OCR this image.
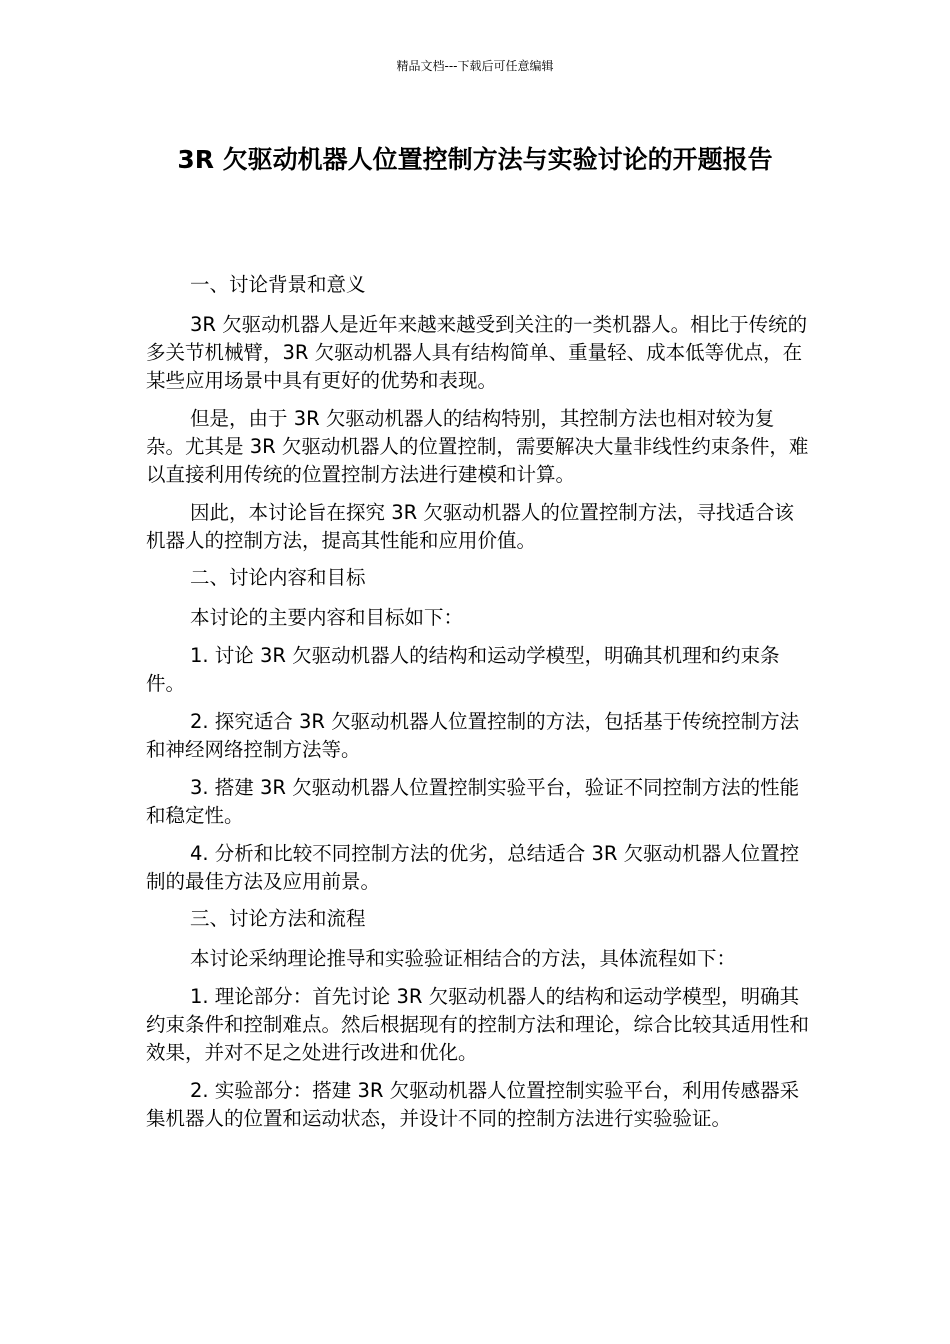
精品文档---下载后可任意编辑
3R 欠驱动机器人位置控制方法与实验讨论的开题报告
一、讨论背景和意义

3R 欠驱动机器人是近年来越来越受到关注的一类机器人。相比于传统的多关节机械臂，3R 欠驱动机器人具有结构简单、重量轻、成本低等优点，在某些应用场景中具有更好的优势和表现。

但是，由于 3R 欠驱动机器人的结构特别，其控制方法也相对较为复杂。尤其是 3R 欠驱动机器人的位置控制，需要解决大量非线性约束条件，难以直接利用传统的位置控制方法进行建模和计算。

因此，本讨论旨在探究 3R 欠驱动机器人的位置控制方法，寻找适合该机器人的控制方法，提高其性能和应用价值。

二、讨论内容和目标

本讨论的主要内容和目标如下：

1. 讨论 3R 欠驱动机器人的结构和运动学模型，明确其机理和约束条件。

2. 探究适合 3R 欠驱动机器人位置控制的方法，包括基于传统控制方法和神经网络控制方法等。

3. 搭建 3R 欠驱动机器人位置控制实验平台，验证不同控制方法的性能和稳定性。

4. 分析和比较不同控制方法的优劣，总结适合 3R 欠驱动机器人位置控制的最佳方法及应用前景。

三、讨论方法和流程

本讨论采纳理论推导和实验验证相结合的方法，具体流程如下：

1. 理论部分：首先讨论 3R 欠驱动机器人的结构和运动学模型，明确其约束条件和控制难点。然后根据现有的控制方法和理论，综合比较其适用性和效果，并对不足之处进行改进和优化。

2. 实验部分：搭建 3R 欠驱动机器人位置控制实验平台，利用传感器采集机器人的位置和运动状态，并设计不同的控制方法进行实验验证。
